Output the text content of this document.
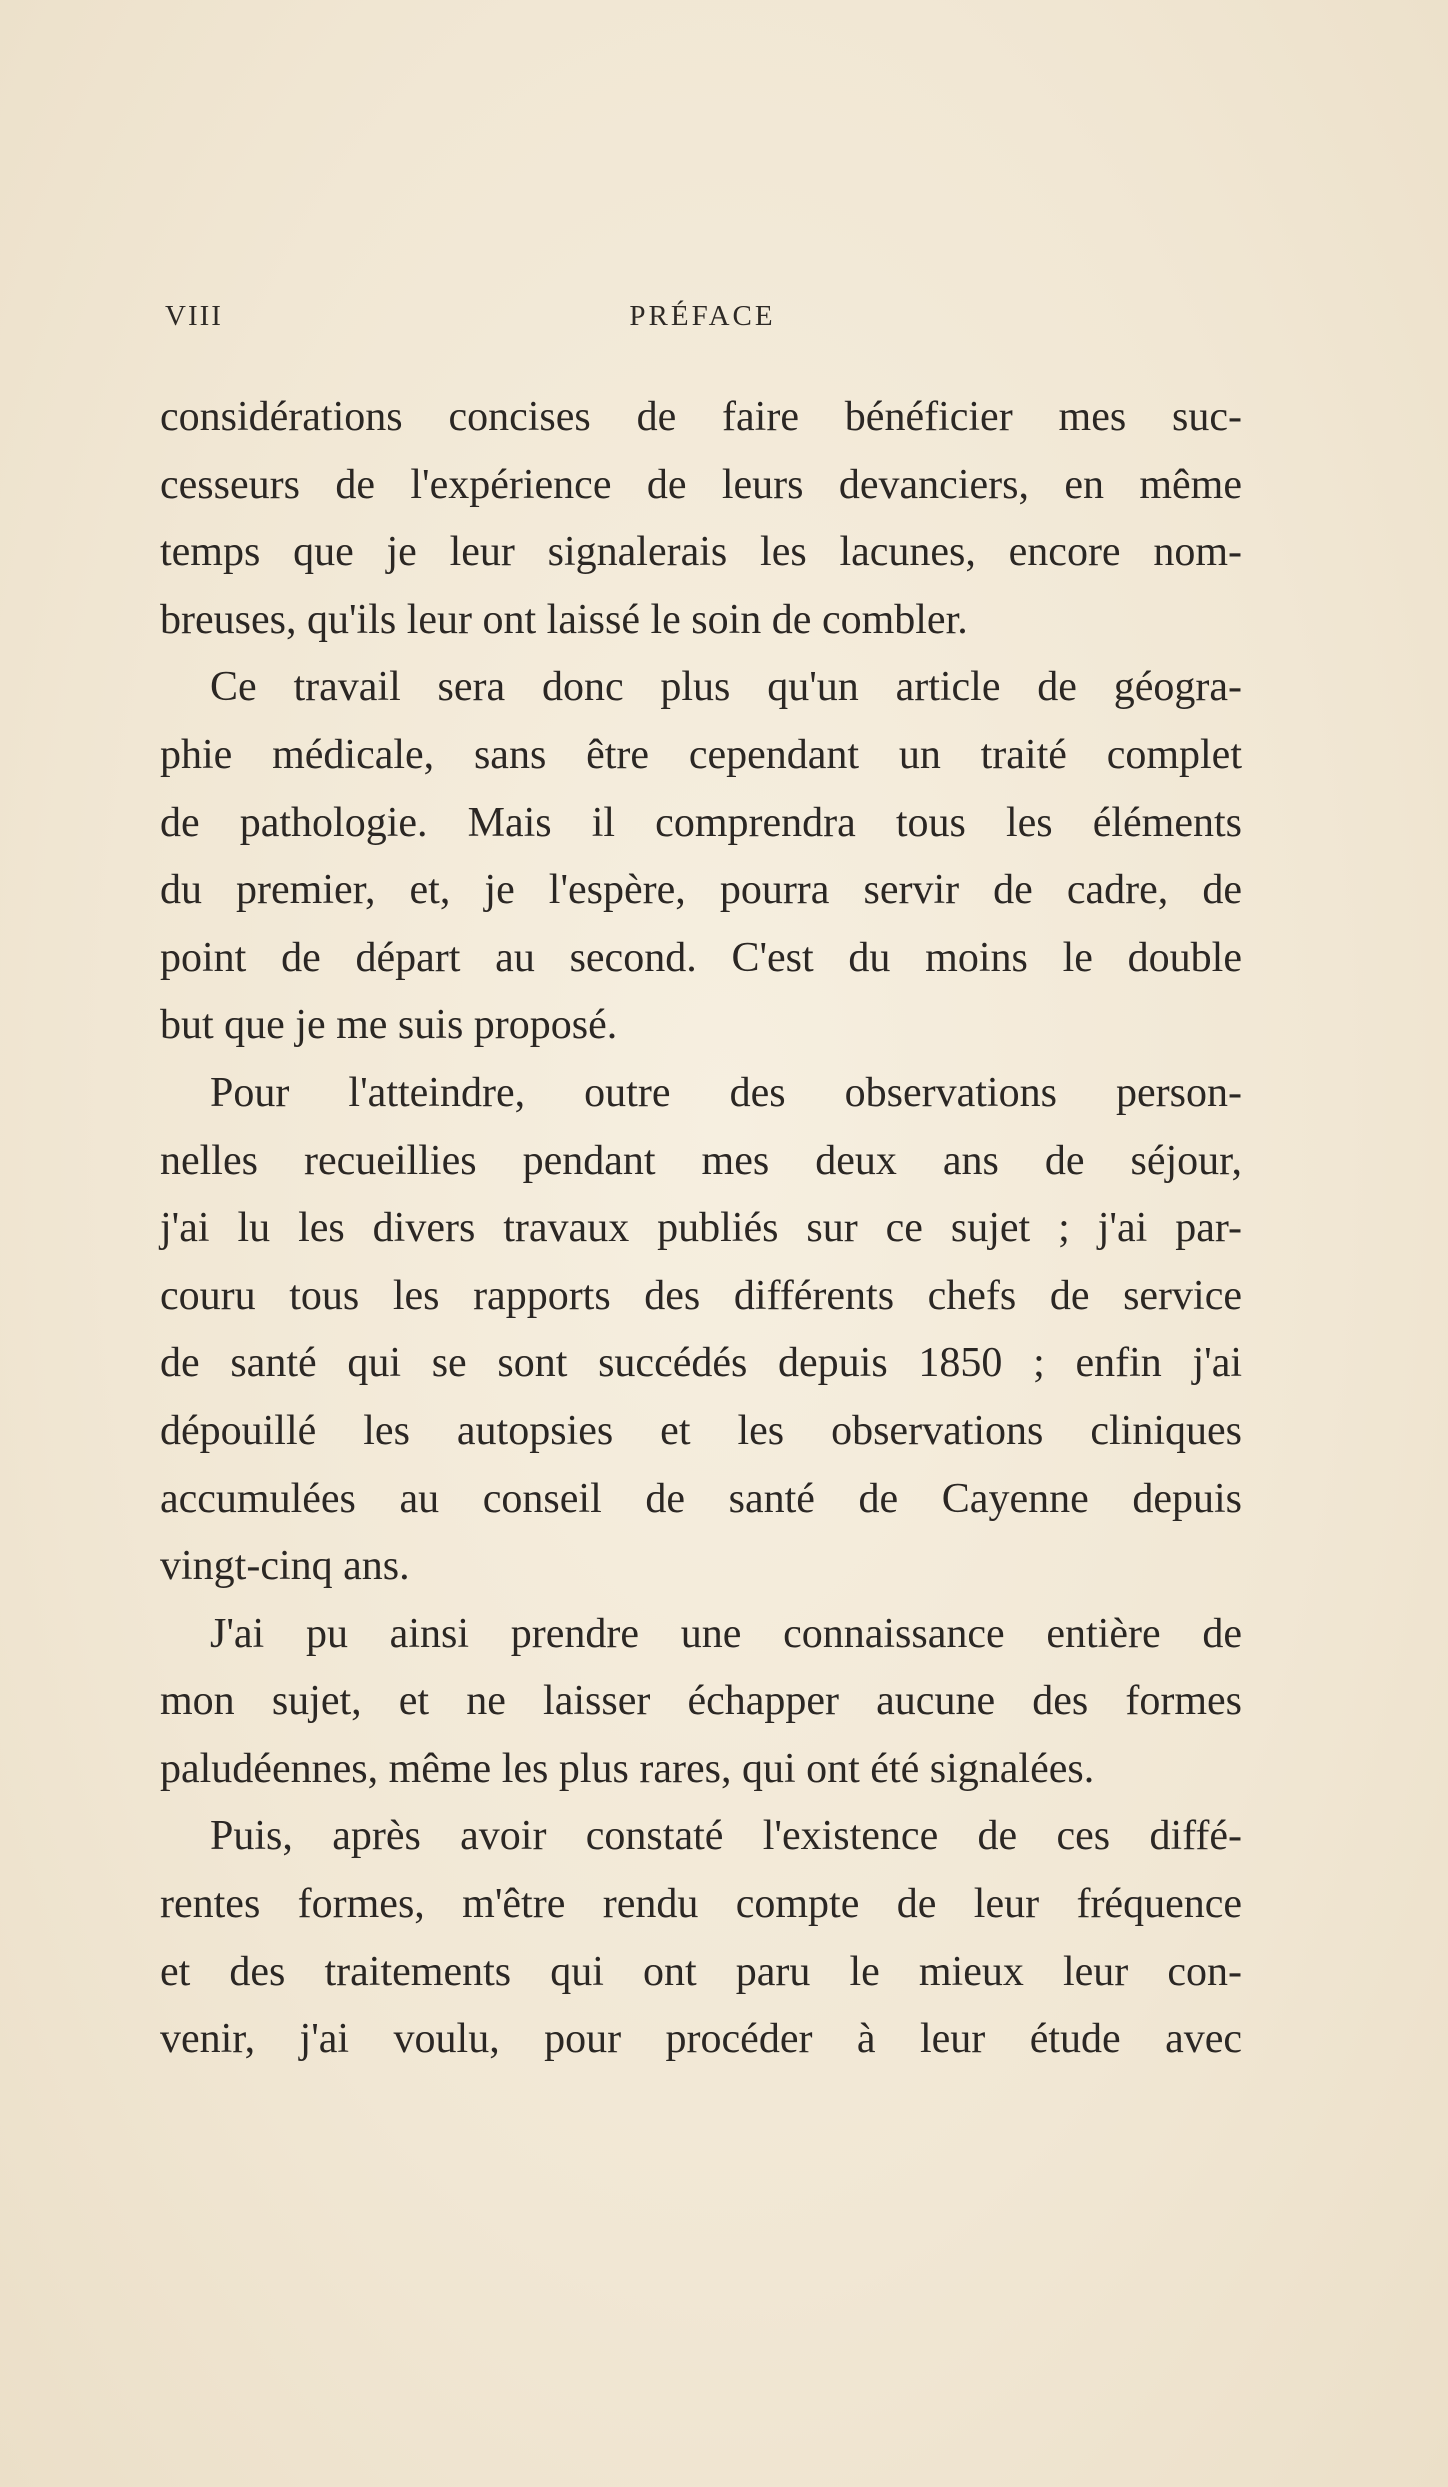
VIII	PRÉFACE
considérations concises de faire bénéficier mes suc-
cesseurs de l'expérience de leurs devanciers, en même
temps que je leur signalerais les lacunes, encore nom-
breuses, qu'ils leur ont laissé le soin de combler.
Ce travail sera donc plus qu'un article de géogra-
phie médicale, sans être cependant un traité complet
de pathologie. Mais il comprendra tous les éléments
du premier, et, je l'espère, pourra servir de cadre, de
point de départ au second. C'est du moins le double
but que je me suis proposé.
Pour l'atteindre, outre des observations person-
nelles recueillies pendant mes deux ans de séjour,
j'ai lu les divers travaux publiés sur ce sujet ; j'ai par-
couru tous les rapports des différents chefs de service
de santé qui se sont succédés depuis 1850 ; enfin j'ai
dépouillé les autopsies et les observations cliniques
accumulées au conseil de santé de Cayenne depuis
vingt-cinq ans.
J'ai pu ainsi prendre une connaissance entière de
mon sujet, et ne laisser échapper aucune des formes
paludéennes, même les plus rares, qui ont été signalées.
Puis, après avoir constaté l'existence de ces diffé-
rentes formes, m'être rendu compte de leur fréquence
et des traitements qui ont paru le mieux leur con-
venir, j'ai voulu, pour procéder à leur étude avec
